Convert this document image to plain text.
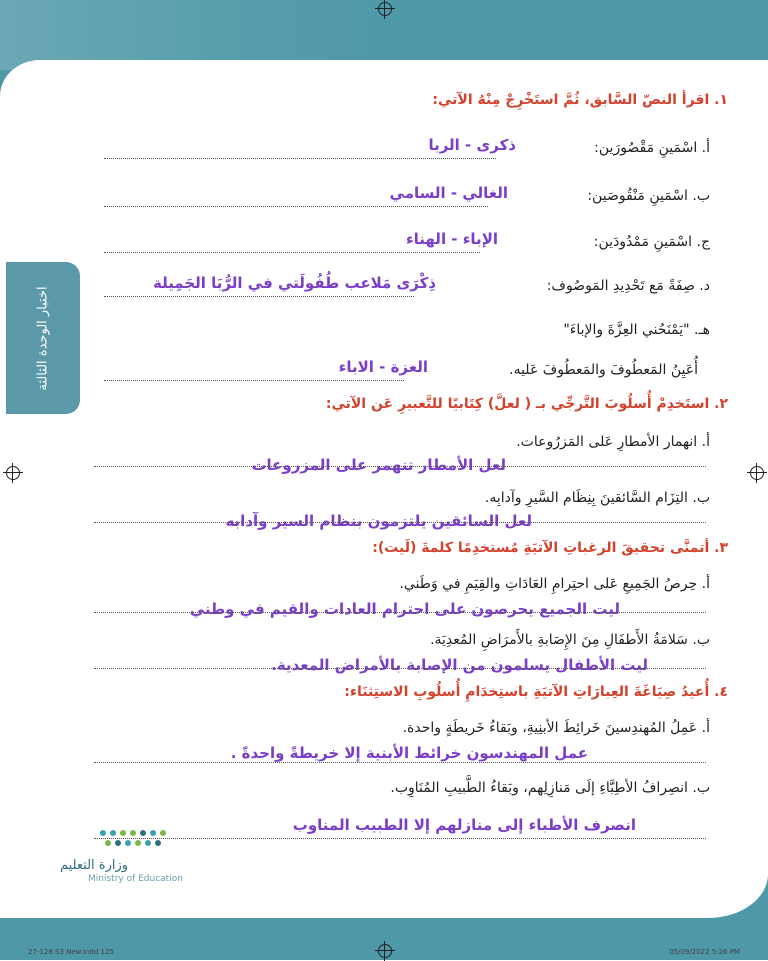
اختبار الوحدة الثالثة
١. اقرأ النصّ السَّابق، ثُمَّ استَخْرِجْ مِنْهُ الآتي:
أ. اسْمَينِ مَقْصُورَين:
ذكرى - الربا
ب. اسْمَينِ مَنْقُوصَين:
الغالي - السامي
ج. اسْمَينِ مَمْدُودَين:
الإباء - الهناء
د. صِفَةً مَع تَحْدِيدِ المَوصُوف:
ذِكْرَى مَلاعب طُفُولَتي في الرُّبَا الجَمِيلة
هـ. "يَمْنَحُني العِزَّةَ والإباءَ"
أُعَيِنُ المَعطُوفَ والمَعطُوفَ عَليه.
العزة - الاباء
٢. استَخدِمْ أُسلُوبَ التَّرجِّي بـ ( لعلَّ) كِتَابيًا للتَّعبيرِ عَن الآتي:
أ. انهمار الأمطارِ عَلى المَزرُوعات.
لعل الأمطار تنهمر على المزروعات
ب. التِزَام السَّائقينَ بِنِظَام السَّيرِ وآدابِه.
لعل السائقين يلتزمون بنظام السير وآدابه
٣. أتمنَّى تحقيقَ الرغباتِ الآتيَةِ مُستخدِمًا كلمةَ (لَيت):
أ. حِرصُ الجَمِيعِ عَلى احتِرامِ العَادَاتِ والقِيَمِ في وَطَني.
ليت الجميع يحرصون على احترام العادات والقيم في وطني
ب. سَلامَةُ الأَطفَالِ مِنَ الإِصَابةِ بالأَمرَاضِ المُعدِيَة.
ليت الأطفال يسلمون من الإصابة بالأمراض المعدية.
٤. أُعيدُ صِيَاغَةَ العِبارَاتِ الآتيَةِ باستِخدَامِ أُسلُوبِ الاستِثنَاء:
أ. عَمِلُ المُهندِسينَ خَرائِطَ الأبنِيةِ، وبَقاءُ خَريطَةٍ واحدة.
عمل المهندسون خرائط الأبنية إلا خريطةً واحدةً .
ب. انصِرافُ الأطِبَّاءِ إلَى مَنازِلِهم، وبَقاءُ الطَّبيبِ المُنَاوِب.
انصرف الأطباء إلى منازلهم إلا الطبيب المناوب
وزارة التعليم
Ministry of Education
١٢٥
27-128 S3 New.indd 125	05/09/2022 5:26 PM
